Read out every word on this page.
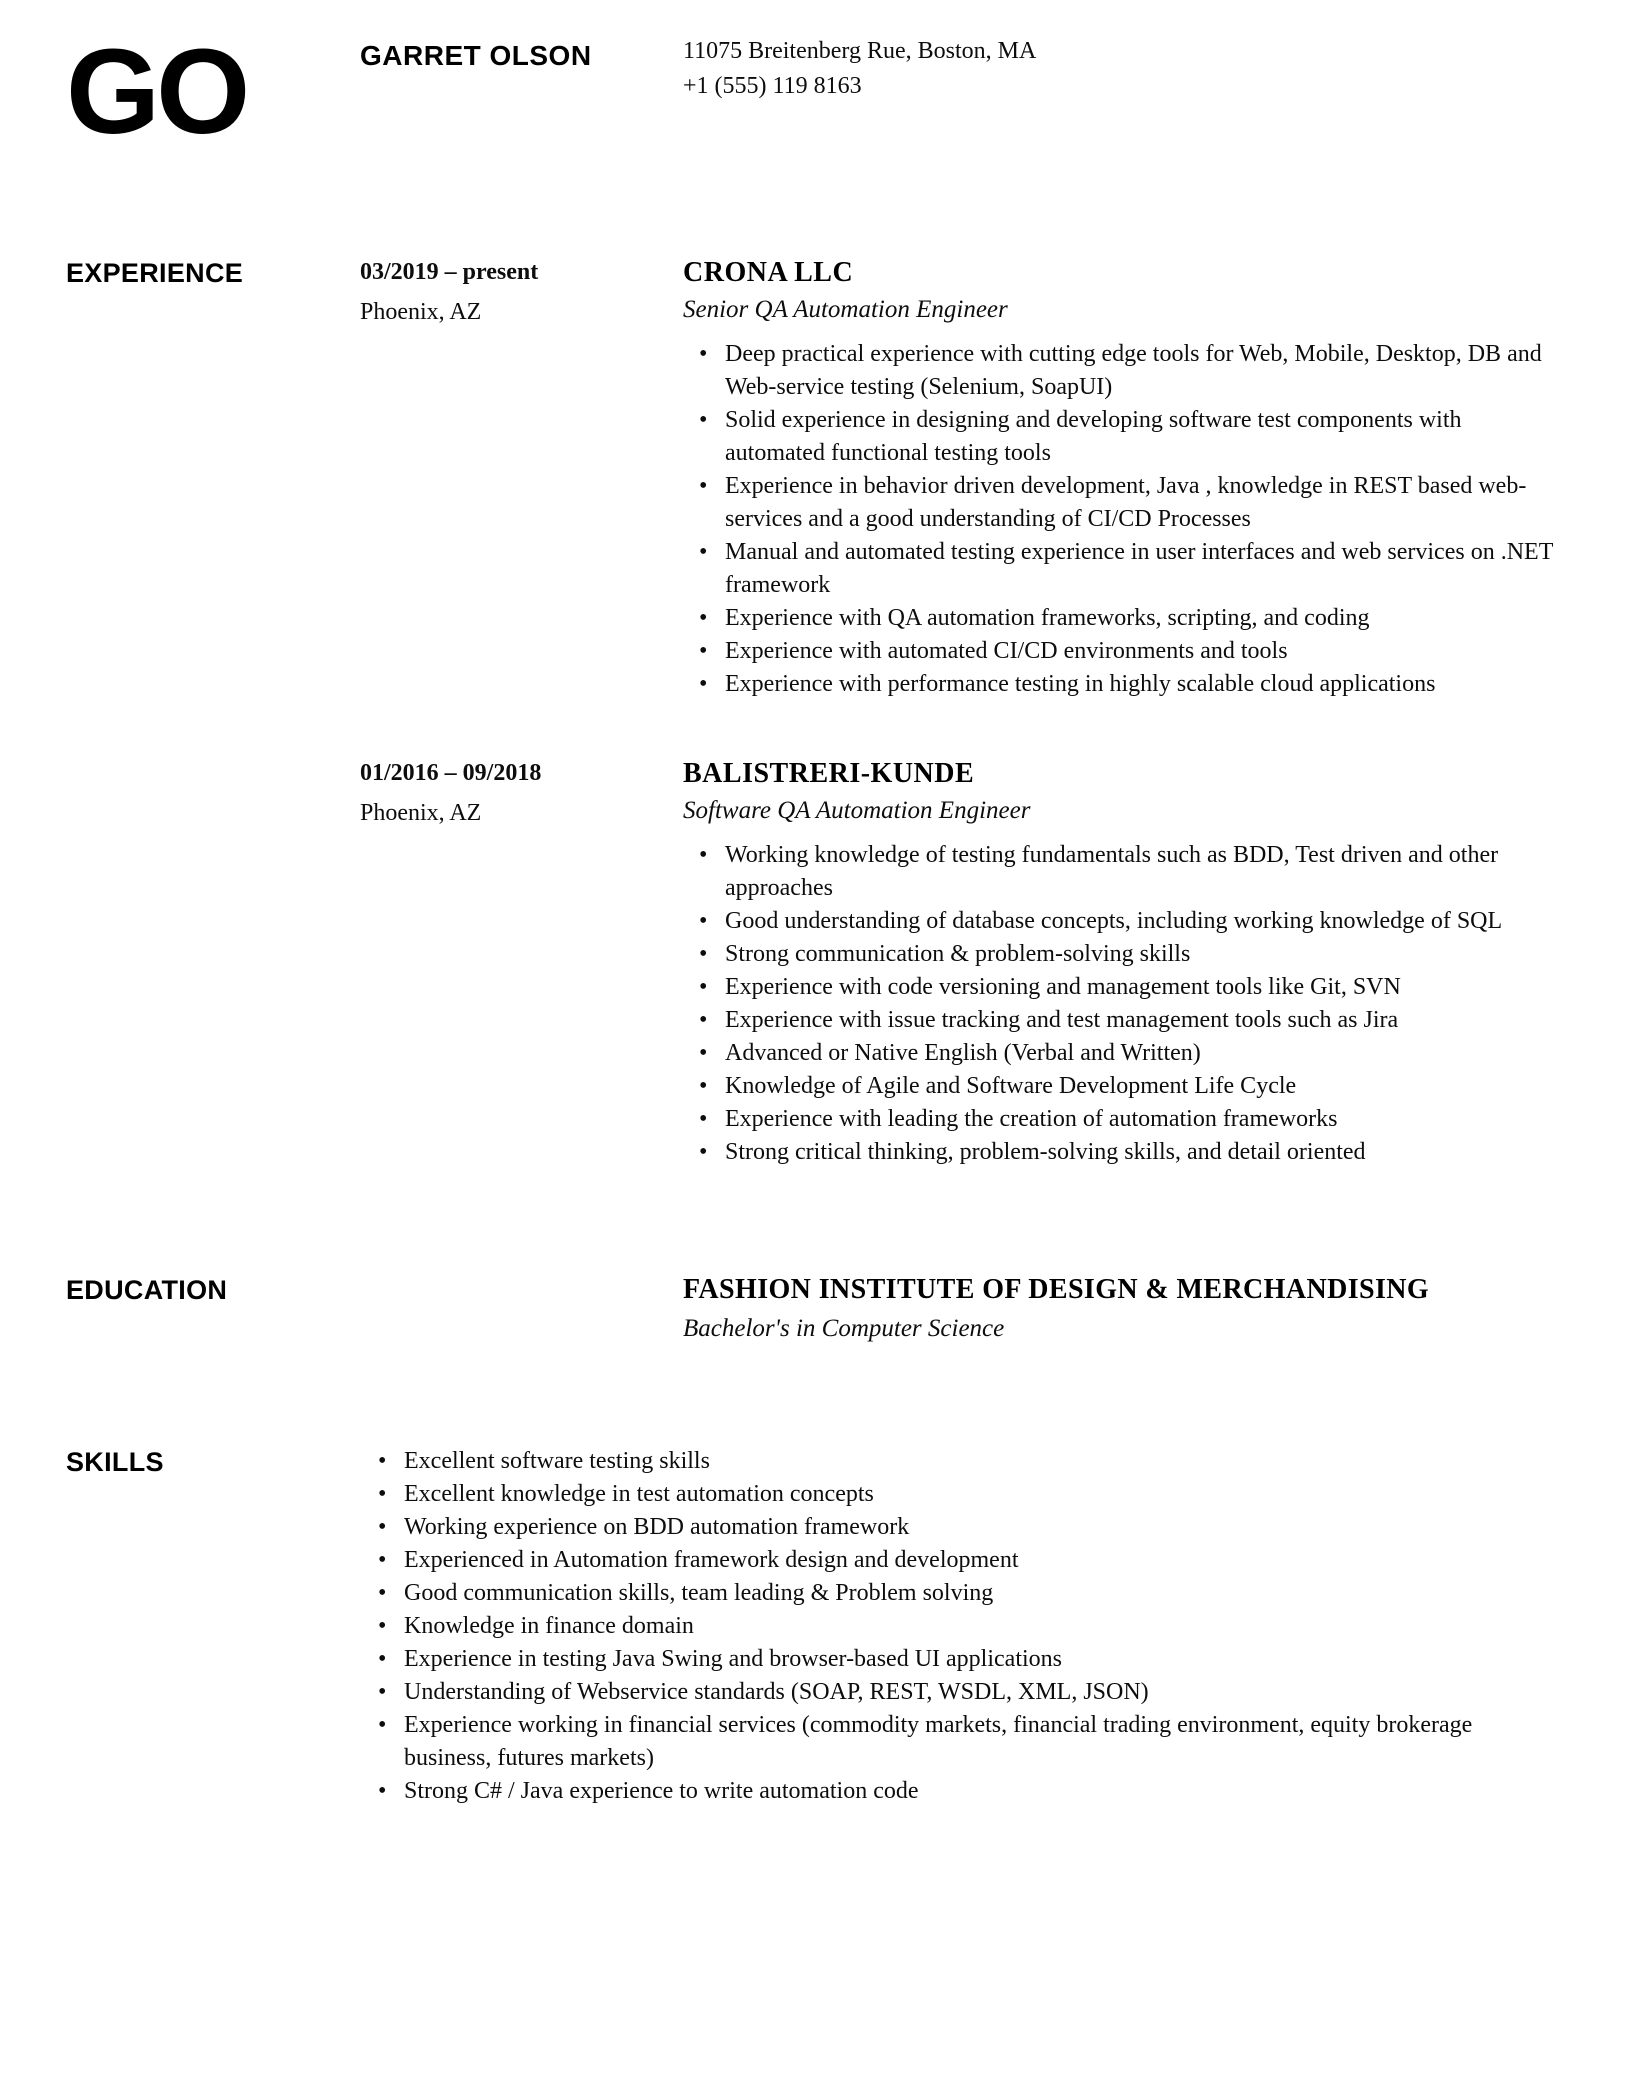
GO	GARRET OLSON	11075 Breitenberg Rue, Boston, MA
+1 (555) 119 8163
EXPERIENCE	03/2019 – present
Phoenix, AZ
CRONA LLC
Senior QA Automation Engineer
• Deep practical experience with cutting edge tools for Web, Mobile, Desktop, DB and Web-service testing (Selenium, SoapUI)
• Solid experience in designing and developing software test components with automated functional testing tools
• Experience in behavior driven development, Java , knowledge in REST based web-services and a good understanding of CI/CD Processes
• Manual and automated testing experience in user interfaces and web services on .NET framework
• Experience with QA automation frameworks, scripting, and coding
• Experience with automated CI/CD environments and tools
• Experience with performance testing in highly scalable cloud applications
01/2016 – 09/2018
Phoenix, AZ
BALISTRERI-KUNDE
Software QA Automation Engineer
• Working knowledge of testing fundamentals such as BDD, Test driven and other approaches
• Good understanding of database concepts, including working knowledge of SQL
• Strong communication & problem-solving skills
• Experience with code versioning and management tools like Git, SVN
• Experience with issue tracking and test management tools such as Jira
• Advanced or Native English (Verbal and Written)
• Knowledge of Agile and Software Development Life Cycle
• Experience with leading the creation of automation frameworks
• Strong critical thinking, problem-solving skills, and detail oriented
EDUCATION	FASHION INSTITUTE OF DESIGN & MERCHANDISING
Bachelor's in Computer Science
SKILLS	• Excellent software testing skills
• Excellent knowledge in test automation concepts
• Working experience on BDD automation framework
• Experienced in Automation framework design and development
• Good communication skills, team leading & Problem solving
• Knowledge in finance domain
• Experience in testing Java Swing and browser-based UI applications
• Understanding of Webservice standards (SOAP, REST, WSDL, XML, JSON)
• Experience working in financial services (commodity markets, financial trading environment, equity brokerage business, futures markets)
• Strong C# / Java experience to write automation code
